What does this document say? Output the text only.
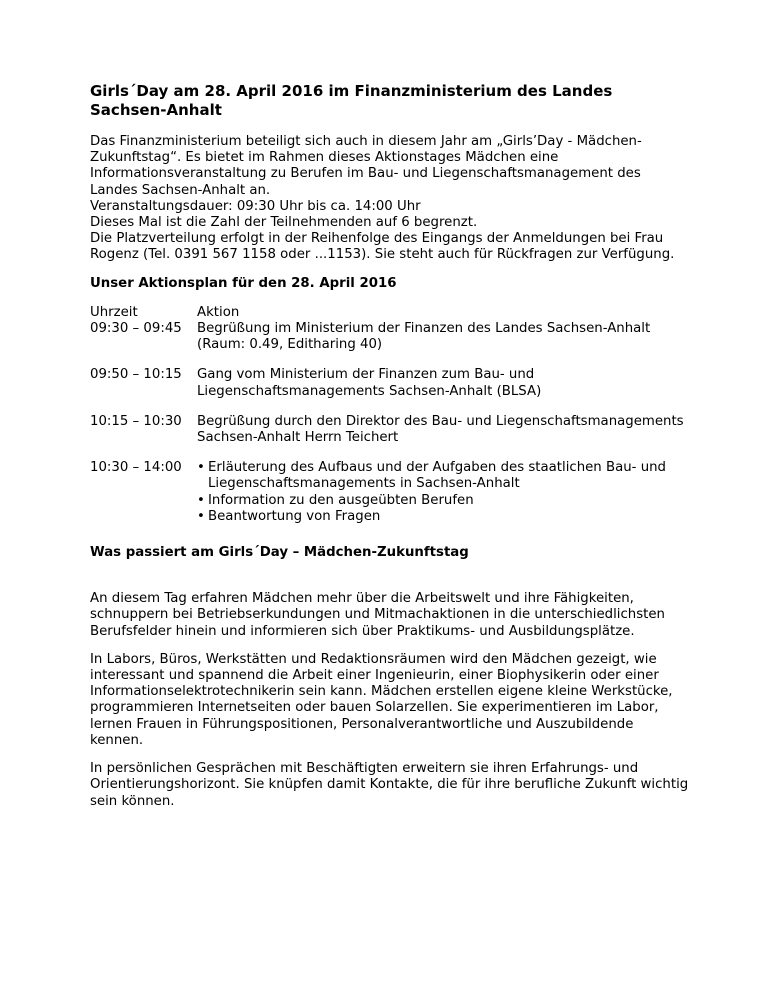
Girls´Day am 28. April 2016 im Finanzministerium des Landes Sachsen-Anhalt

Das Finanzministerium beteiligt sich auch in diesem Jahr am „Girls’Day - Mädchen-Zukunftstag“. Es bietet im Rahmen dieses Aktionstages Mädchen eine Informationsveranstaltung zu Berufen im Bau- und Liegenschaftsmanagement des Landes Sachsen-Anhalt an.

Veranstaltungsdauer: 09:30 Uhr bis ca. 14:00 Uhr

Dieses Mal ist die Zahl der Teilnehmenden auf 6 begrenzt.

Die Platzverteilung erfolgt in der Reihenfolge des Eingangs der Anmeldungen bei Frau Rogenz (Tel. 0391 567 1158 oder ...1153). Sie steht auch für Rückfragen zur Verfügung.

Unser Aktionsplan für den 28. April 2016
Uhrzeit
09:30 – 09:45
Aktion
Begrüßung im Ministerium der Finanzen des Landes Sachsen-Anhalt
(Raum: 0.49, Editharing 40)
09:50 – 10:15	Gang vom Ministerium der Finanzen zum Bau- und Liegenschaftsmanagements Sachsen-Anhalt (BLSA)
10:15 – 10:30	Begrüßung durch den Direktor des Bau- und Liegenschaftsmanagements Sachsen-Anhalt Herrn Teichert
10:30 – 14:00
•	Erläuterung des Aufbaus und der Aufgaben des staatlichen Bau- und Liegenschaftsmanagements in Sachsen-Anhalt
• Information zu den ausgeübten Berufen
• Beantwortung von Fragen
Was passiert am Girls´Day – Mädchen-Zukunftstag

An diesem Tag erfahren Mädchen mehr über die Arbeitswelt und ihre Fähigkeiten, schnuppern bei Betriebserkundungen und Mitmachaktionen in die unterschiedlichsten Berufsfelder hinein und informieren sich über Praktikums- und Ausbildungsplätze.

In Labors, Büros, Werkstätten und Redaktionsräumen wird den Mädchen gezeigt, wie interessant und spannend die Arbeit einer Ingenieurin, einer Biophysikerin oder einer Informationselektrotechnikerin sein kann. Mädchen erstellen eigene kleine Werkstücke, programmieren Internetseiten oder bauen Solarzellen. Sie experimentieren im Labor, lernen Frauen in Führungspositionen, Personalverantwortliche und Auszubildende kennen.

In persönlichen Gesprächen mit Beschäftigten erweitern sie ihren Erfahrungs- und Orientierungshorizont. Sie knüpfen damit Kontakte, die für ihre berufliche Zukunft wichtig sein können.
